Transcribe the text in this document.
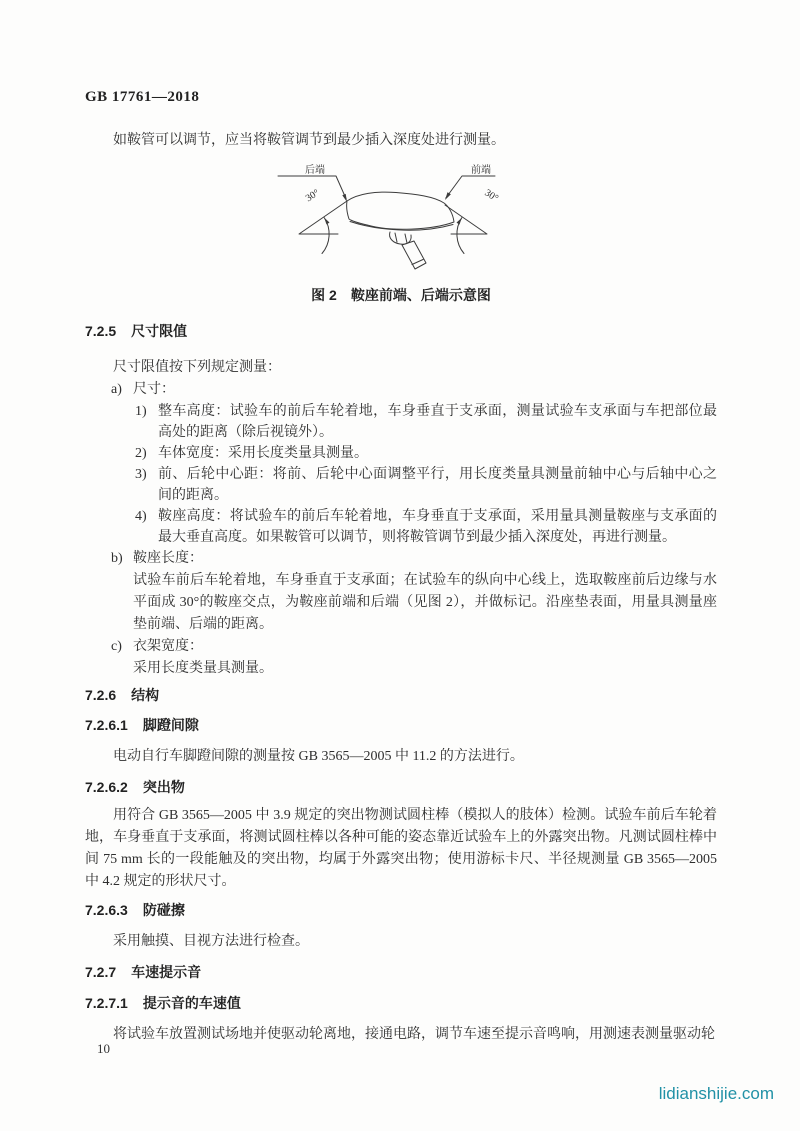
GB 17761—2018

如鞍管可以调节，应当将鞍管调节到最少插入深度处进行测量。

后端	前端
30°	30°
图 2　鞍座前端、后端示意图
7.2.5 尺寸限值

尺寸限值按下列规定测量：

a) 尺寸：
1) 整车高度：试验车的前后车轮着地，车身垂直于支承面，测量试验车支承面与车把部位最高处的距离（除后视镜外）。

2) 车体宽度：采用长度类量具测量。

3) 前、后轮中心距：将前、后轮中心面调整平行，用长度类量具测量前轴中心与后轴中心之间的距离。

4) 鞍座高度：将试验车的前后车轮着地，车身垂直于支承面，采用量具测量鞍座与支承面的最大垂直高度。如果鞍管可以调节，则将鞍管调节到最少插入深度处，再进行测量。

b) 鞍座长度：

试验车前后车轮着地，车身垂直于支承面；在试验车的纵向中心线上，选取鞍座前后边缘与水平面成 30°的鞍座交点，为鞍座前端和后端（见图 2），并做标记。沿座垫表面，用量具测量座垫前端、后端的距离。

c) 衣架宽度：

采用长度类量具测量。

7.2.6 结构
7.2.6.1 脚蹬间隙

电动自行车脚蹬间隙的测量按 GB 3565—2005 中 11.2 的方法进行。

7.2.6.2 突出物

用符合 GB 3565—2005 中 3.9 规定的突出物测试圆柱棒（模拟人的肢体）检测。试验车前后车轮着地，车身垂直于支承面，将测试圆柱棒以各种可能的姿态靠近试验车上的外露突出物。凡测试圆柱棒中间 75 mm 长的一段能触及的突出物，均属于外露突出物；使用游标卡尺、半径规测量 GB 3565—2005 中 4.2 规定的形状尺寸。

7.2.6.3 防碰擦

采用触摸、目视方法进行检查。

7.2.7 车速提示音
7.2.7.1 提示音的车速值

将试验车放置测试场地并使驱动轮离地，接通电路，调节车速至提示音鸣响，用测速表测量驱动轮

10
lidianshijie.com
